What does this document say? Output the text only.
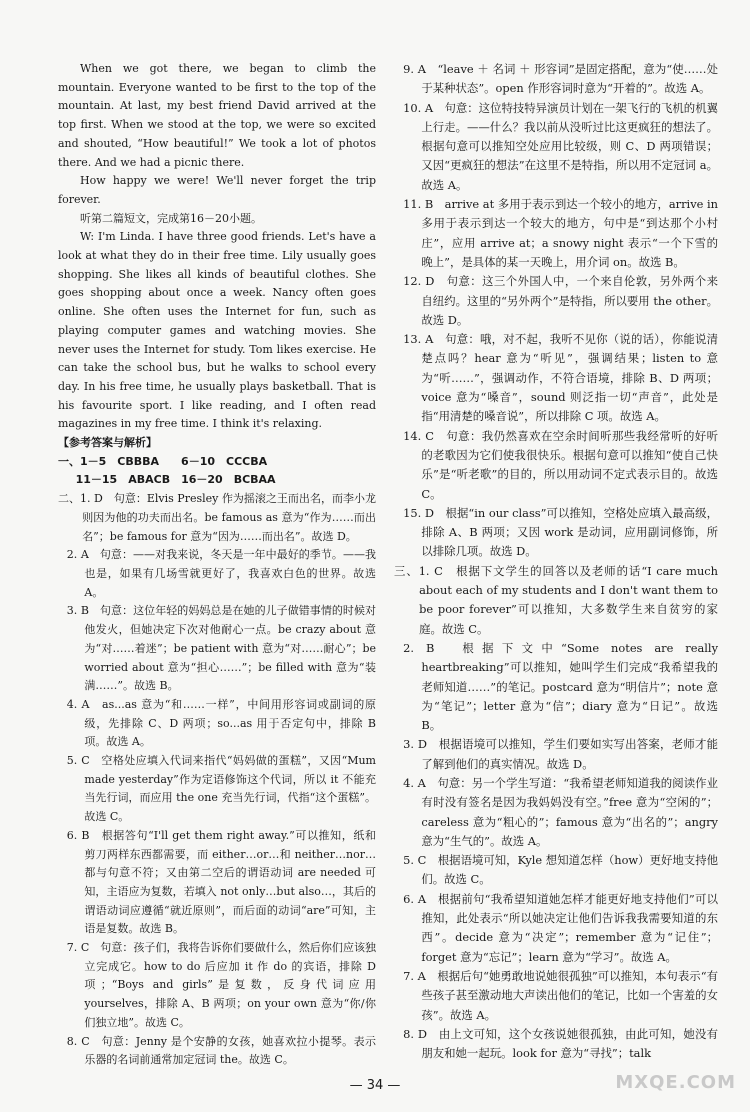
When we got there, we began to climb the mountain. Everyone wanted to be first to the top of the mountain. At last, my best friend David arrived at the top first. When we stood at the top, we were so excited and shouted, “How beautiful!” We took a lot of photos there. And we had a picnic there.

How happy we were! We'll never forget the trip forever.

听第二篇短文，完成第16－20小题。

W: I'm Linda. I have three good friends. Let's have a look at what they do in their free time. Lily usually goes shopping. She likes all kinds of beautiful clothes. She goes shopping about once a week. Nancy often goes online. She often uses the Internet for fun, such as playing computer games and watching movies. She never uses the Internet for study. Tom likes exercise. He can take the school bus, but he walks to school every day. In his free time, he usually plays basketball. That is his favourite sport. I like reading, and I often read magazines in my free time. I think it's relaxing.

【参考答案与解析】

一、1－5　CBBBA　　6－10　CCCBA

11－15　ABACB　16－20　BCBAA

二、1. D　句意：Elvis Presley 作为摇滚之王而出名，而李小龙则因为他的功夫而出名。be famous as 意为“作为……而出名”；be famous for 意为“因为……而出名”。故选 D。

2. A　句意：——对我来说，冬天是一年中最好的季节。——我也是，如果有几场雪就更好了，我喜欢白色的世界。故选 A。

3. B　句意：这位年轻的妈妈总是在她的儿子做错事情的时候对他发火，但她决定下次对他耐心一点。be crazy about 意为“对……着迷”；be patient with 意为“对……耐心”；be worried about 意为“担心……”；be filled with 意为“装满……”。故选 B。

4. A　as...as 意为“和……一样”，中间用形容词或副词的原级，先排除 C、D 两项；so...as 用于否定句中，排除 B 项。故选 A。

5. C　空格处应填入代词来指代“妈妈做的蛋糕”，又因“Mum made yesterday”作为定语修饰这个代词，所以 it 不能充当先行词，而应用 the one 充当先行词，代指“这个蛋糕”。故选 C。

6. B　根据答句“I'll get them right away.”可以推知，纸和剪刀两样东西都需要，而 either…or…和 neither…nor…都与句意不符；又由第二空后的谓语动词 are needed 可知，主语应为复数，若填入 not only…but also…，其后的谓语动词应遵循“就近原则”，而后面的动词“are”可知，主语是复数。故选 B。

7. C　句意：孩子们，我将告诉你们要做什么，然后你们应该独立完成它。how to do 后应加 it 作 do 的宾语，排除 D 项；“Boys and girls”是复数，反身代词应用 yourselves，排除 A、B 两项；on your own 意为“你/你们独立地”。故选 C。

8. C　句意：Jenny 是个安静的女孩，她喜欢拉小提琴。表示乐器的名词前通常加定冠词 the。故选 C。

9. A　“leave ＋ 名词 ＋ 形容词”是固定搭配，意为“使……处于某种状态”。open 作形容词时意为“开着的”。故选 A。

10. A　句意：这位特技特异演员计划在一架飞行的飞机的机翼上行走。——什么？我以前从没听过比这更疯狂的想法了。根据句意可以推知空处应用比较级，则 C、D 两项错误；又因“更疯狂的想法”在这里不是特指，所以用不定冠词 a。故选 A。

11. B　arrive at 多用于表示到达一个较小的地方，arrive in 多用于表示到达一个较大的地方，句中是“到达那个小村庄”，应用 arrive at；a snowy night 表示“一个下雪的晚上”，是具体的某一天晚上，用介词 on。故选 B。

12. D　句意：这三个外国人中，一个来自伦敦，另外两个来自纽约。这里的“另外两个”是特指，所以要用 the other。故选 D。

13. A　句意：哦，对不起，我听不见你（说的话），你能说清楚点吗？hear 意为“听见”，强调结果；listen to 意为“听……”，强调动作，不符合语境，排除 B、D 两项；voice 意为“嗓音”，sound 则泛指一切“声音”，此处是指“用清楚的嗓音说”，所以排除 C 项。故选 A。

14. C　句意：我仍然喜欢在空余时间听那些我经常听的好听的老歌因为它们使我很快乐。根据句意可以推知“使自己快乐”是“听老歌”的目的，所以用动词不定式表示目的。故选 C。

15. D　根据“in our class”可以推知，空格处应填入最高级，排除 A、B 两项；又因 work 是动词，应用副词修饰，所以排除几项。故选 D。

三、1. C　根据下文学生的回答以及老师的话“I care much about each of my students and I don't want them to be poor forever”可以推知，大多数学生来自贫穷的家庭。故选 C。

2. B　根据下文中“Some notes are really heartbreaking”可以推知，她叫学生们完成“我希望我的老师知道……”的笔记。postcard 意为“明信片”；note 意为“笔记”；letter 意为“信”；diary 意为“日记”。故选 B。

3. D　根据语境可以推知，学生们要如实写出答案，老师才能了解到他们的真实情况。故选 D。

4. A　句意：另一个学生写道：“我希望老师知道我的阅读作业有时没有签名是因为我妈妈没有空。”free 意为“空闲的”；careless 意为“粗心的”；famous 意为“出名的”；angry 意为“生气的”。故选 A。

5. C　根据语境可知，Kyle 想知道怎样（how）更好地支持他们。故选 C。

6. A　根据前句“我希望知道她怎样才能更好地支持他们”可以推知，此处表示“所以她决定让他们告诉我我需要知道的东西”。decide 意为“决定”；remember 意为“记住”；forget 意为“忘记”；learn 意为“学习”。故选 A。

7. A　根据后句“她勇敢地说她很孤独”可以推知，本句表示“有些孩子甚至激动地大声读出他们的笔记，比如一个害羞的女孩”。故选 A。

8. D　由上文可知，这个女孩说她很孤独，由此可知，她没有朋友和她一起玩。look for 意为“寻找”；talk

— 34 —	MXQE.COM
